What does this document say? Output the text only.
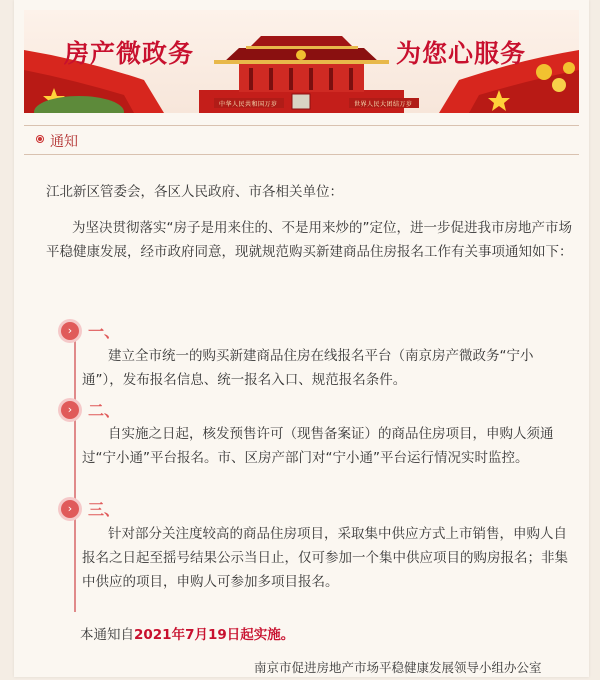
房产微政务	为您心服务
中华人民共和国万岁	世界人民大团结万岁
通知
江北新区管委会，各区人民政府、市各相关单位：
为坚决贯彻落实“房子是用来住的、不是用来炒的”定位，进一步促进我市房地产市场平稳健康发展，经市政府同意，现就规范购买新建商品住房报名工作有关事项通知如下：
› 一、
建立全市统一的购买新建商品住房在线报名平台（南京房产微政务“宁小通”），发布报名信息、统一报名入口、规范报名条件。
› 二、
自实施之日起，核发预售许可（现售备案证）的商品住房项目，申购人须通过“宁小通”平台报名。市、区房产部门对“宁小通”平台运行情况实时监控。
› 三、
针对部分关注度较高的商品住房项目，采取集中供应方式上市销售，申购人自报名之日起至摇号结果公示当日止，仅可参加一个集中供应项目的购房报名；非集中供应的项目，申购人可参加多项目报名。
本通知自2021年7月19日起实施。
南京市促进房地产市场平稳健康发展领导小组办公室
